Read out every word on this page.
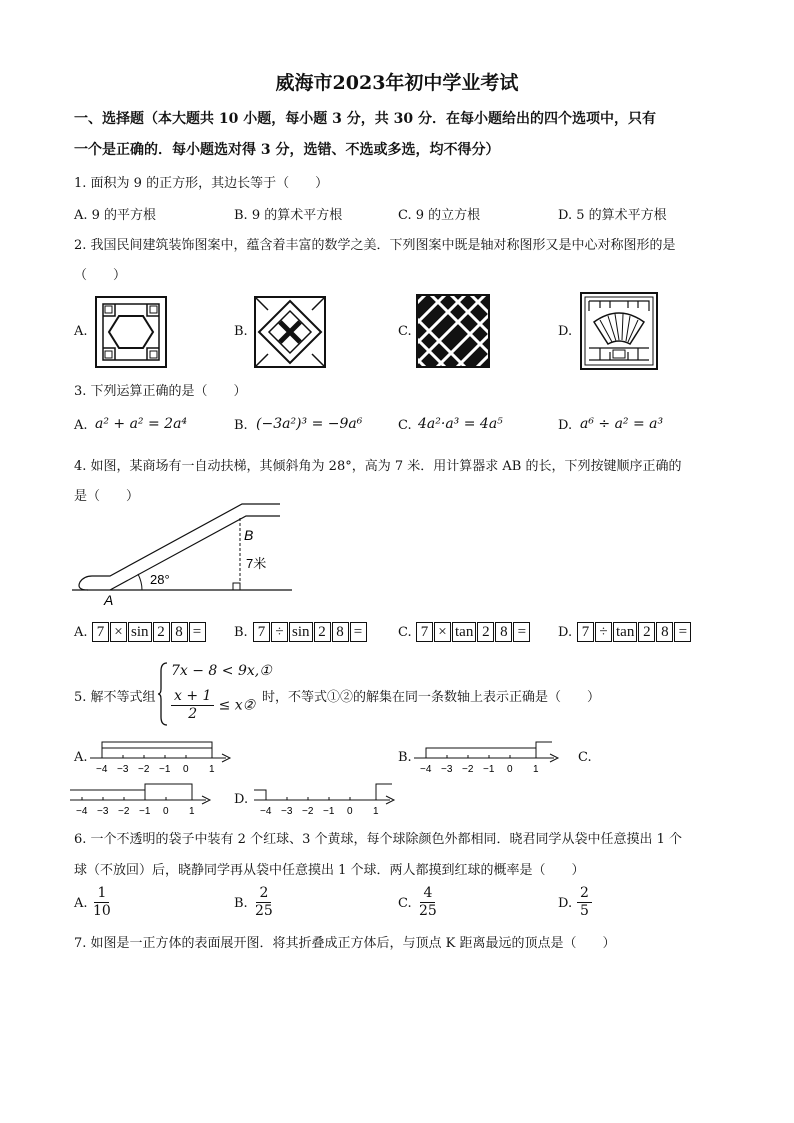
威海市2023年初中学业考试
一、选择题（本大题共 10 小题，每小题 3 分，共 30 分．在每小题给出的四个选项中，只有
一个是正确的．每小题选对得 3 分，选错、不选或多选，均不得分）
1. 面积为 9 的正方形，其边长等于（　　）
A. 9 的平方根	B. 9 的算术平方根	C. 9 的立方根	D. 5 的算术平方根
2. 我国民间建筑装饰图案中，蕴含着丰富的数学之美．下列图案中既是轴对称图形又是中心对称图形的是
（　　）
A.	B.	C.	D.
3. 下列运算正确的是（　　）
A. a² + a² = 2a⁴	B. (−3a²)³ = −9a⁶	C. 4a²·a³ = 4a⁵	D. a⁶ ÷ a² = a³
4. 如图，某商场有一自动扶梯，其倾斜角为 28°，高为 7 米．用计算器求 AB 的长，下列按键顺序正确的
是（　　）
28°
7米
A
B
A. 7 × sin 2 8 =	B. 7 ÷ sin 2 8 =	C. 7 × tan 2 8 =	D. 7 ÷ tan 2 8 =
5. 解不等式组
7x − 8 < 9x,①
$\frac{x + 1}{2}$ ≤ x② 时，不等式①②的解集在同一条数轴上表示正确是（　　）
A.
−4 −3 −2 −1 0 1
B.
−4 −3 −2 −1 0 1
C.
−4 −3 −2 −1 0 1
D.
−4 −3 −2 −1 0 1
6. 一个不透明的袋子中装有 2 个红球、3 个黄球，每个球除颜色外都相同．晓君同学从袋中任意摸出 1 个
球（不放回）后，晓静同学再从袋中任意摸出 1 个球．两人都摸到红球的概率是（　　）
A. $\frac{1}{10}$	B. $\frac{2}{25}$	C. $\frac{4}{25}$	D. $\frac{2}{5}$
7. 如图是一正方体的表面展开图．将其折叠成正方体后，与顶点 K 距离最远的顶点是（　　）
